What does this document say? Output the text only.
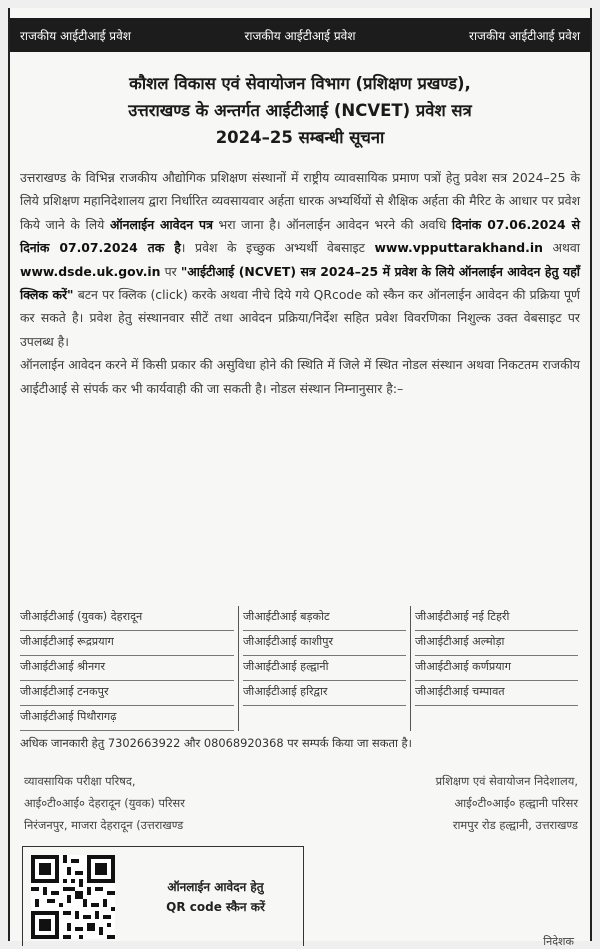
राजकीय आईटीआई प्रवेश	राजकीय आईटीआई प्रवेश	राजकीय आईटीआई प्रवेश
कौशल विकास एवं सेवायोजन विभाग (प्रशिक्षण प्रखण्ड),
उत्तराखण्ड के अन्तर्गत आईटीआई (NCVET) प्रवेश सत्र
2024–25 सम्बन्धी सूचना

उत्तराखण्ड के विभिन्न राजकीय औद्योगिक प्रशिक्षण संस्थानों में राष्ट्रीय व्यावसायिक प्रमाण पत्रों हेतु प्रवेश सत्र 2024–25 के लिये प्रशिक्षण महानिदेशालय द्वारा निर्धारित व्यवसायवार अर्हता धारक अभ्यर्थियों से शैक्षिक अर्हता की मैरिट के आधार पर प्रवेश किये जाने के लिये ऑनलाईन आवेदन पत्र भरा जाना है। ऑनलाईन आवेदन भरने की अवधि दिनांक 07.06.2024 से दिनांक 07.07.2024 तक है। प्रवेश के इच्छुक अभ्यर्थी वेबसाइट www.vpputtarakhand.in अथवा www.dsde.uk.gov.in पर "आईटीआई (NCVET) सत्र 2024–25 में प्रवेश के लिये ऑनलाईन आवेदन हेतु यहाँ क्लिक करें" बटन पर क्लिक (click) करके अथवा नीचे दिये गये QRcode को स्कैन कर ऑनलाईन आवेदन की प्रक्रिया पूर्ण कर सकते है। प्रवेश हेतु संस्थानवार सीटें तथा आवेदन प्रक्रिया/निर्देश सहित प्रवेश विवरणिका निशुल्क उक्त वेबसाइट पर उपलब्ध है।

ऑनलाईन आवेदन करने में किसी प्रकार की असुविधा होने की स्थिति में जिले में स्थित नोडल संस्थान अथवा निकटतम राजकीय आईटीआई से संपर्क कर भी कार्यवाही की जा सकती है। नोडल संस्थान निम्नानुसार है:–

जीआईटीआई (युवक) देहरादून
जीआईटीआई रूद्रप्रयाग
जीआईटीआई श्रीनगर
जीआईटीआई टनकपुर
जीआईटीआई पिथौरागढ़
जीआईटीआई बड़कोट
जीआईटीआई काशीपुर
जीआईटीआई हल्द्वानी
जीआईटीआई हरिद्वार
जीआईटीआई नई टिहरी
जीआईटीआई अल्मोड़ा
जीआईटीआई कर्णप्रयाग
जीआईटीआई चम्पावत
अधिक जानकारी हेतु 7302663922 और 08068920368 पर सम्पर्क किया जा सकता है।
व्यावसायिक परीक्षा परिषद,
आई०टी०आई० देहरादून (युवक) परिसर
निरंजनपुर, माजरा देहरादून (उत्तराखण्ड
प्रशिक्षण एवं सेवायोजन निदेशालय,
आई०टी०आई० हल्द्वानी परिसर
रामपुर रोड हल्द्वानी, उत्तराखण्ड
ऑनलाईन आवेदन हेतु
QR code स्कैन करें
निदेशक
